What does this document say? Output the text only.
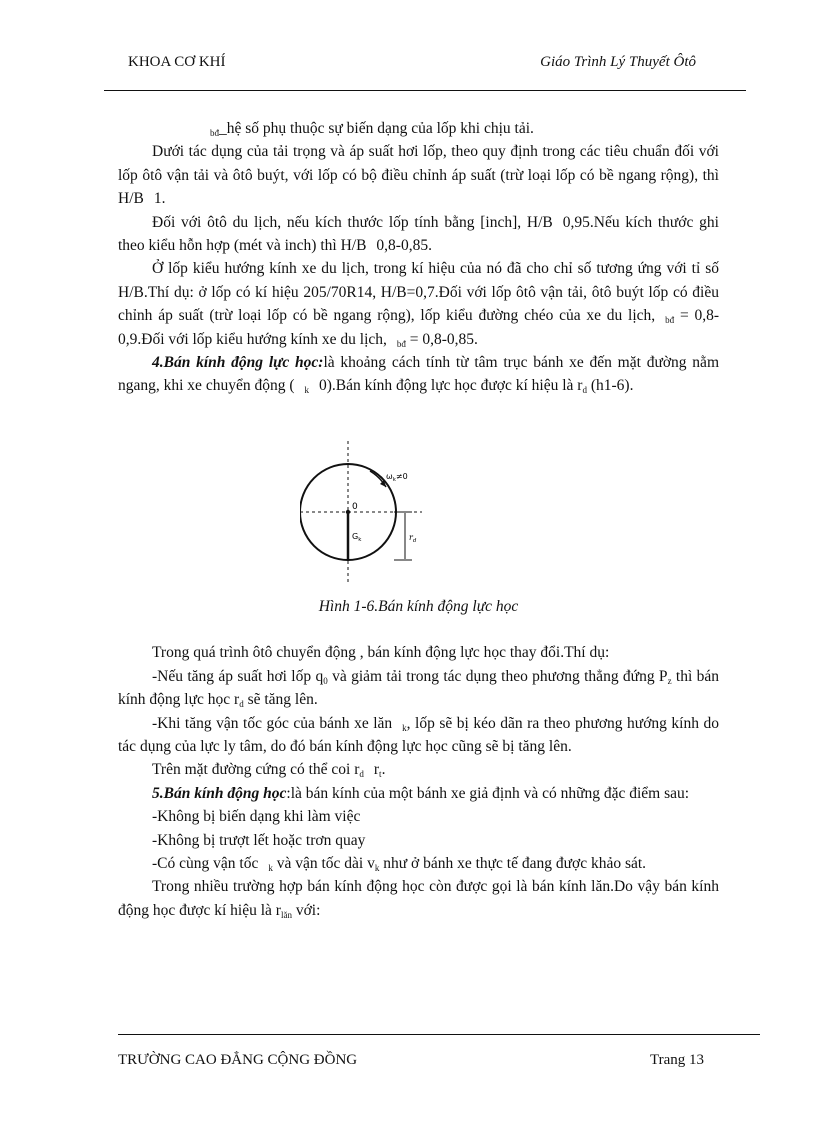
KHOA CƠ KHÍ	Giáo Trình Lý Thuyết Ôtô

$_{bđ}$_hệ số phụ thuộc sự biến dạng của lốp khi chịu tải.

Dưới tác dụng của tải trọng và áp suất hơi lốp, theo quy định trong các tiêu chuẩn đối với lốp ôtô vận tải và ôtô buýt, với lốp có bộ điều chỉnh áp suất (trừ loại lốp có bề ngang rộng), thì H/B 1.

Đối với ôtô du lịch, nếu kích thước lốp tính bằng [inch], H/B 0,95.Nếu kích thước ghi theo kiểu hỗn hợp (mét và inch) thì H/B 0,8-0,85.

Ở lốp kiểu hướng kính xe du lịch, trong kí hiệu của nó đã cho chỉ số tương ứng với tỉ số H/B.Thí dụ: ở lốp có kí hiệu 205/70R14, H/B=0,7.Đối với lốp ôtô vận tải, ôtô buýt lốp có điều chỉnh áp suất (trừ loại lốp có bề ngang rộng), lốp kiểu đường chéo của xe du lịch, $_{bđ}$ = 0,8-0,9.Đối với lốp kiểu hướng kính xe du lịch, $_{bđ}$ = 0,8-0,85.

4.Bán kính động lực học:là khoảng cách tính từ tâm trục bánh xe đến mặt đường nằm ngang, khi xe chuyển động ( $_k$ 0).Bán kính động lực học được kí hiệu là $r_d$ (h1-6).

$\omega_k\ne 0$
0
$G_k$	$r_d$

Hình 1-6.Bán kính động lực học

Trong quá trình ôtô chuyển động , bán kính động lực học thay đổi.Thí dụ:

-Nếu tăng áp suất hơi lốp $q_0$ và giảm tải trong tác dụng theo phương thẳng đứng $P_z$ thì bán kính động lực học $r_d$ sẽ tăng lên.

-Khi tăng vận tốc góc của bánh xe lăn $_k$, lốp sẽ bị kéo dãn ra theo phương hướng kính do tác dụng của lực ly tâm, do đó bán kính động lực học cũng sẽ bị tăng lên.

Trên mặt đường cứng có thể coi $r_d$ $r_t$.

5.Bán kính động học:là bán kính của một bánh xe giả định và có những đặc điểm sau:

-Không bị biến dạng khi làm việc

-Không bị trượt lết hoặc trơn quay

-Có cùng vận tốc $_k$ và vận tốc dài $v_k$ như ở bánh xe thực tế đang được khảo sát.

Trong nhiều trường hợp bán kính động học còn được gọi là bán kính lăn.Do vậy bán kính động học được kí hiệu là $r_{lăn}$ với:

TRƯỜNG CAO ĐẲNG CỘNG ĐỒNG	Trang 13
